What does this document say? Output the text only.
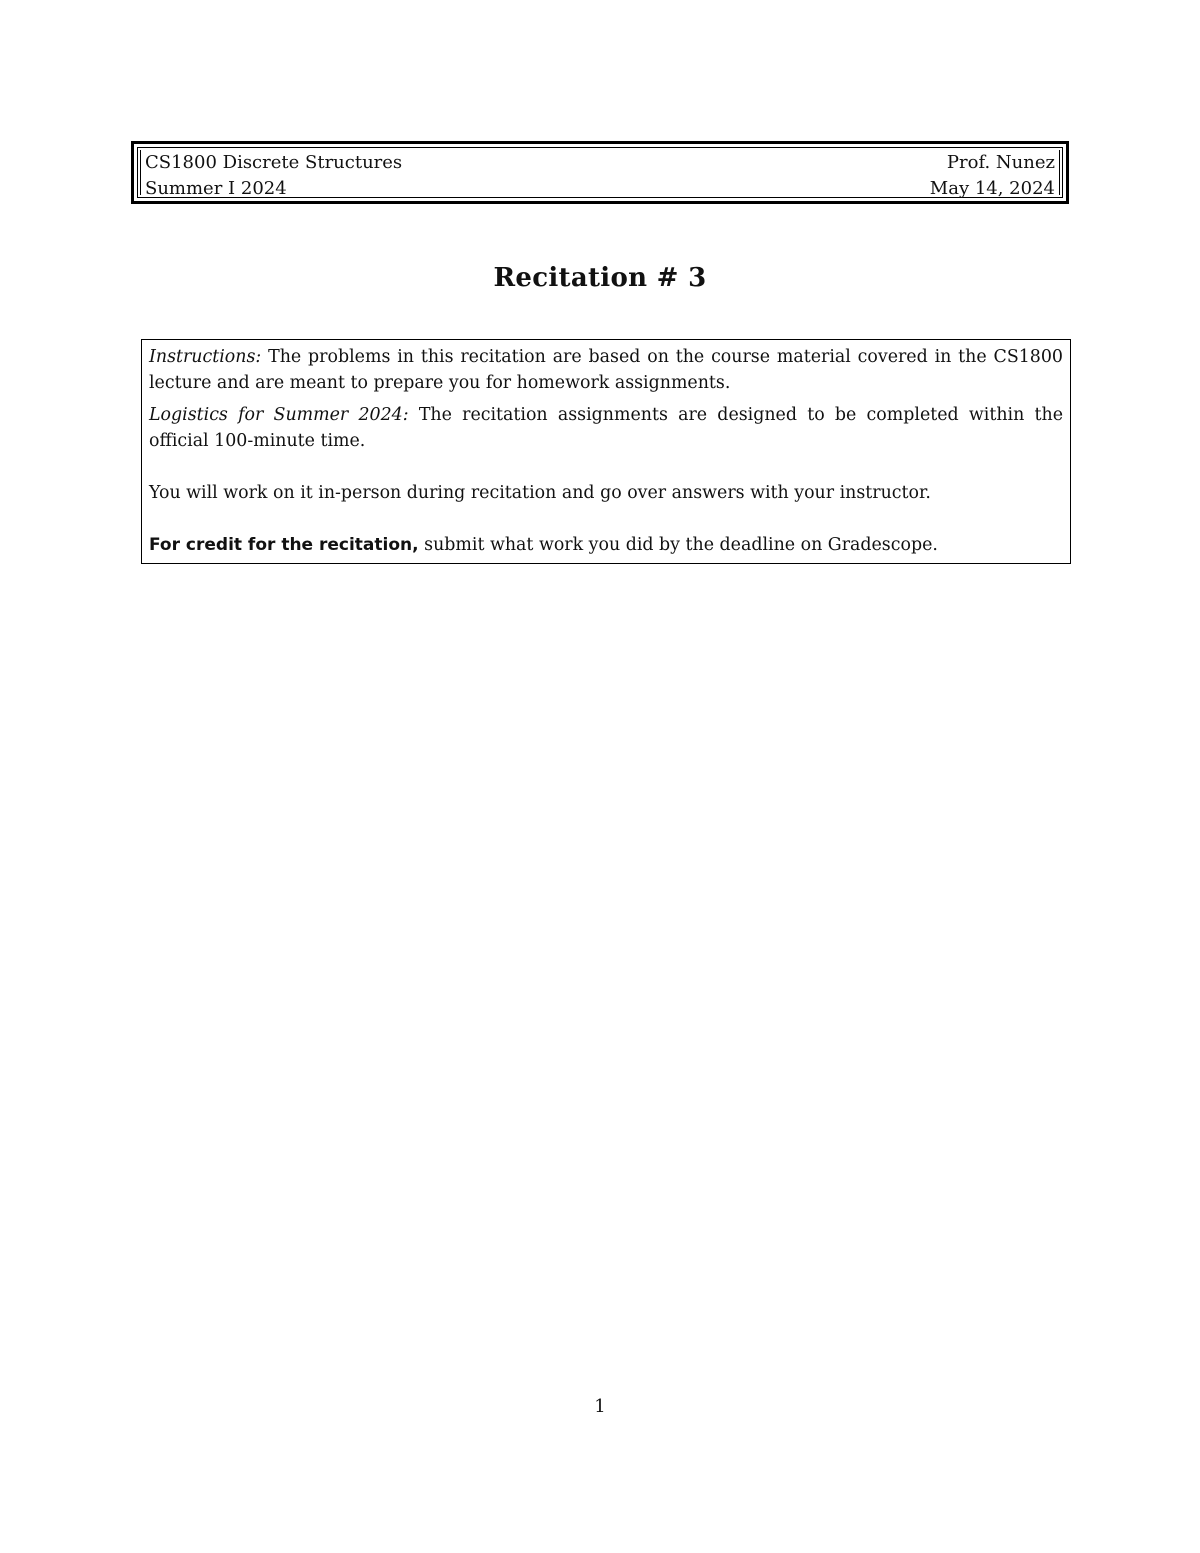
CS1800 Discrete Structures	Prof. Nunez
Summer I 2024	May 14, 2024
Recitation # 3

Instructions: The problems in this recitation are based on the course material covered in the CS1800 lecture and are meant to prepare you for homework assignments.

Logistics for Summer 2024: The recitation assignments are designed to be completed within the official 100-minute time.

You will work on it in-person during recitation and go over answers with your instructor.

For credit for the recitation, submit what work you did by the deadline on Gradescope.

1
